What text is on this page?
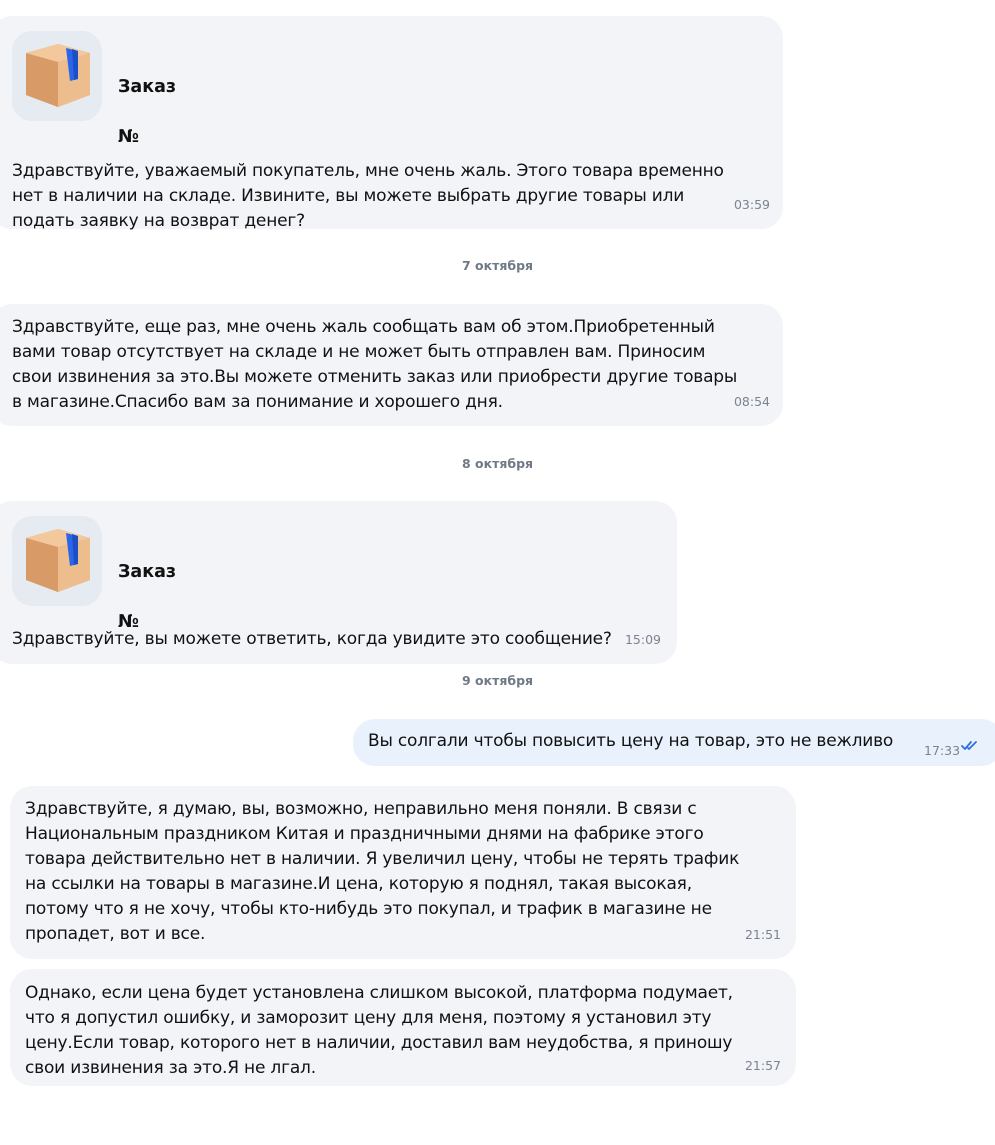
Заказ

№

Здравствуйте, уважаемый покупатель, мне очень жаль. Этого товара временно
нет в наличии на складе. Извините, вы можете выбрать другие товары или
подать заявку на возврат денег?
03:59
7 октября
Здравствуйте, еще раз, мне очень жаль сообщать вам об этом.Приобретенный
вами товар отсутствует на складе и не может быть отправлен вам. Приносим
свои извинения за это.Вы можете отменить заказ или приобрести другие товары
в магазине.Спасибо вам за понимание и хорошего дня.	08:54
8 октября

Заказ

№

Здравствуйте, вы можете ответить, когда увидите это сообщение?	15:09
9 октября
Вы солгали чтобы повысить цену на товар, это не вежливо	17:33
Здравствуйте, я думаю, вы, возможно, неправильно меня поняли. В связи с
Национальным праздником Китая и праздничными днями на фабрике этого
товара действительно нет в наличии. Я увеличил цену, чтобы не терять трафик
на ссылки на товары в магазине.И цена, которую я поднял, такая высокая,
потому что я не хочу, чтобы кто-нибудь это покупал, и трафик в магазине не
пропадет, вот и все.	21:51
Однако, если цена будет установлена слишком высокой, платформа подумает,
что я допустил ошибку, и заморозит цену для меня, поэтому я установил эту
цену.Если товар, которого нет в наличии, доставил вам неудобства, я приношу
свои извинения за это.Я не лгал.	21:57
